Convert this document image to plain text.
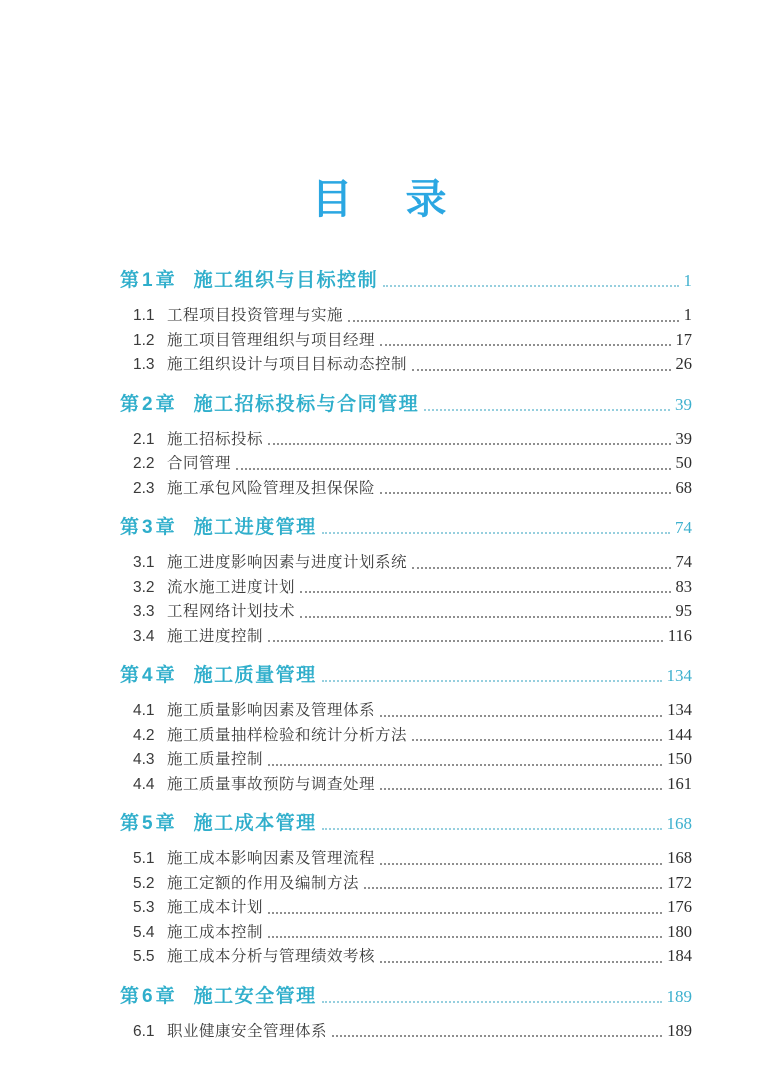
目　录
第1章 施工组织与目标控制	1
1.1 工程项目投资管理与实施	1
1.2 施工项目管理组织与项目经理	17
1.3 施工组织设计与项目目标动态控制	26
第2章 施工招标投标与合同管理	39
2.1 施工招标投标	39
2.2 合同管理	50
2.3 施工承包风险管理及担保保险	68
第3章 施工进度管理	74
3.1 施工进度影响因素与进度计划系统	74
3.2 流水施工进度计划	83
3.3 工程网络计划技术	95
3.4 施工进度控制	116
第4章 施工质量管理	134
4.1 施工质量影响因素及管理体系	134
4.2 施工质量抽样检验和统计分析方法	144
4.3 施工质量控制	150
4.4 施工质量事故预防与调查处理	161
第5章 施工成本管理	168
5.1 施工成本影响因素及管理流程	168
5.2 施工定额的作用及编制方法	172
5.3 施工成本计划	176
5.4 施工成本控制	180
5.5 施工成本分析与管理绩效考核	184
第6章 施工安全管理	189
6.1 职业健康安全管理体系	189
